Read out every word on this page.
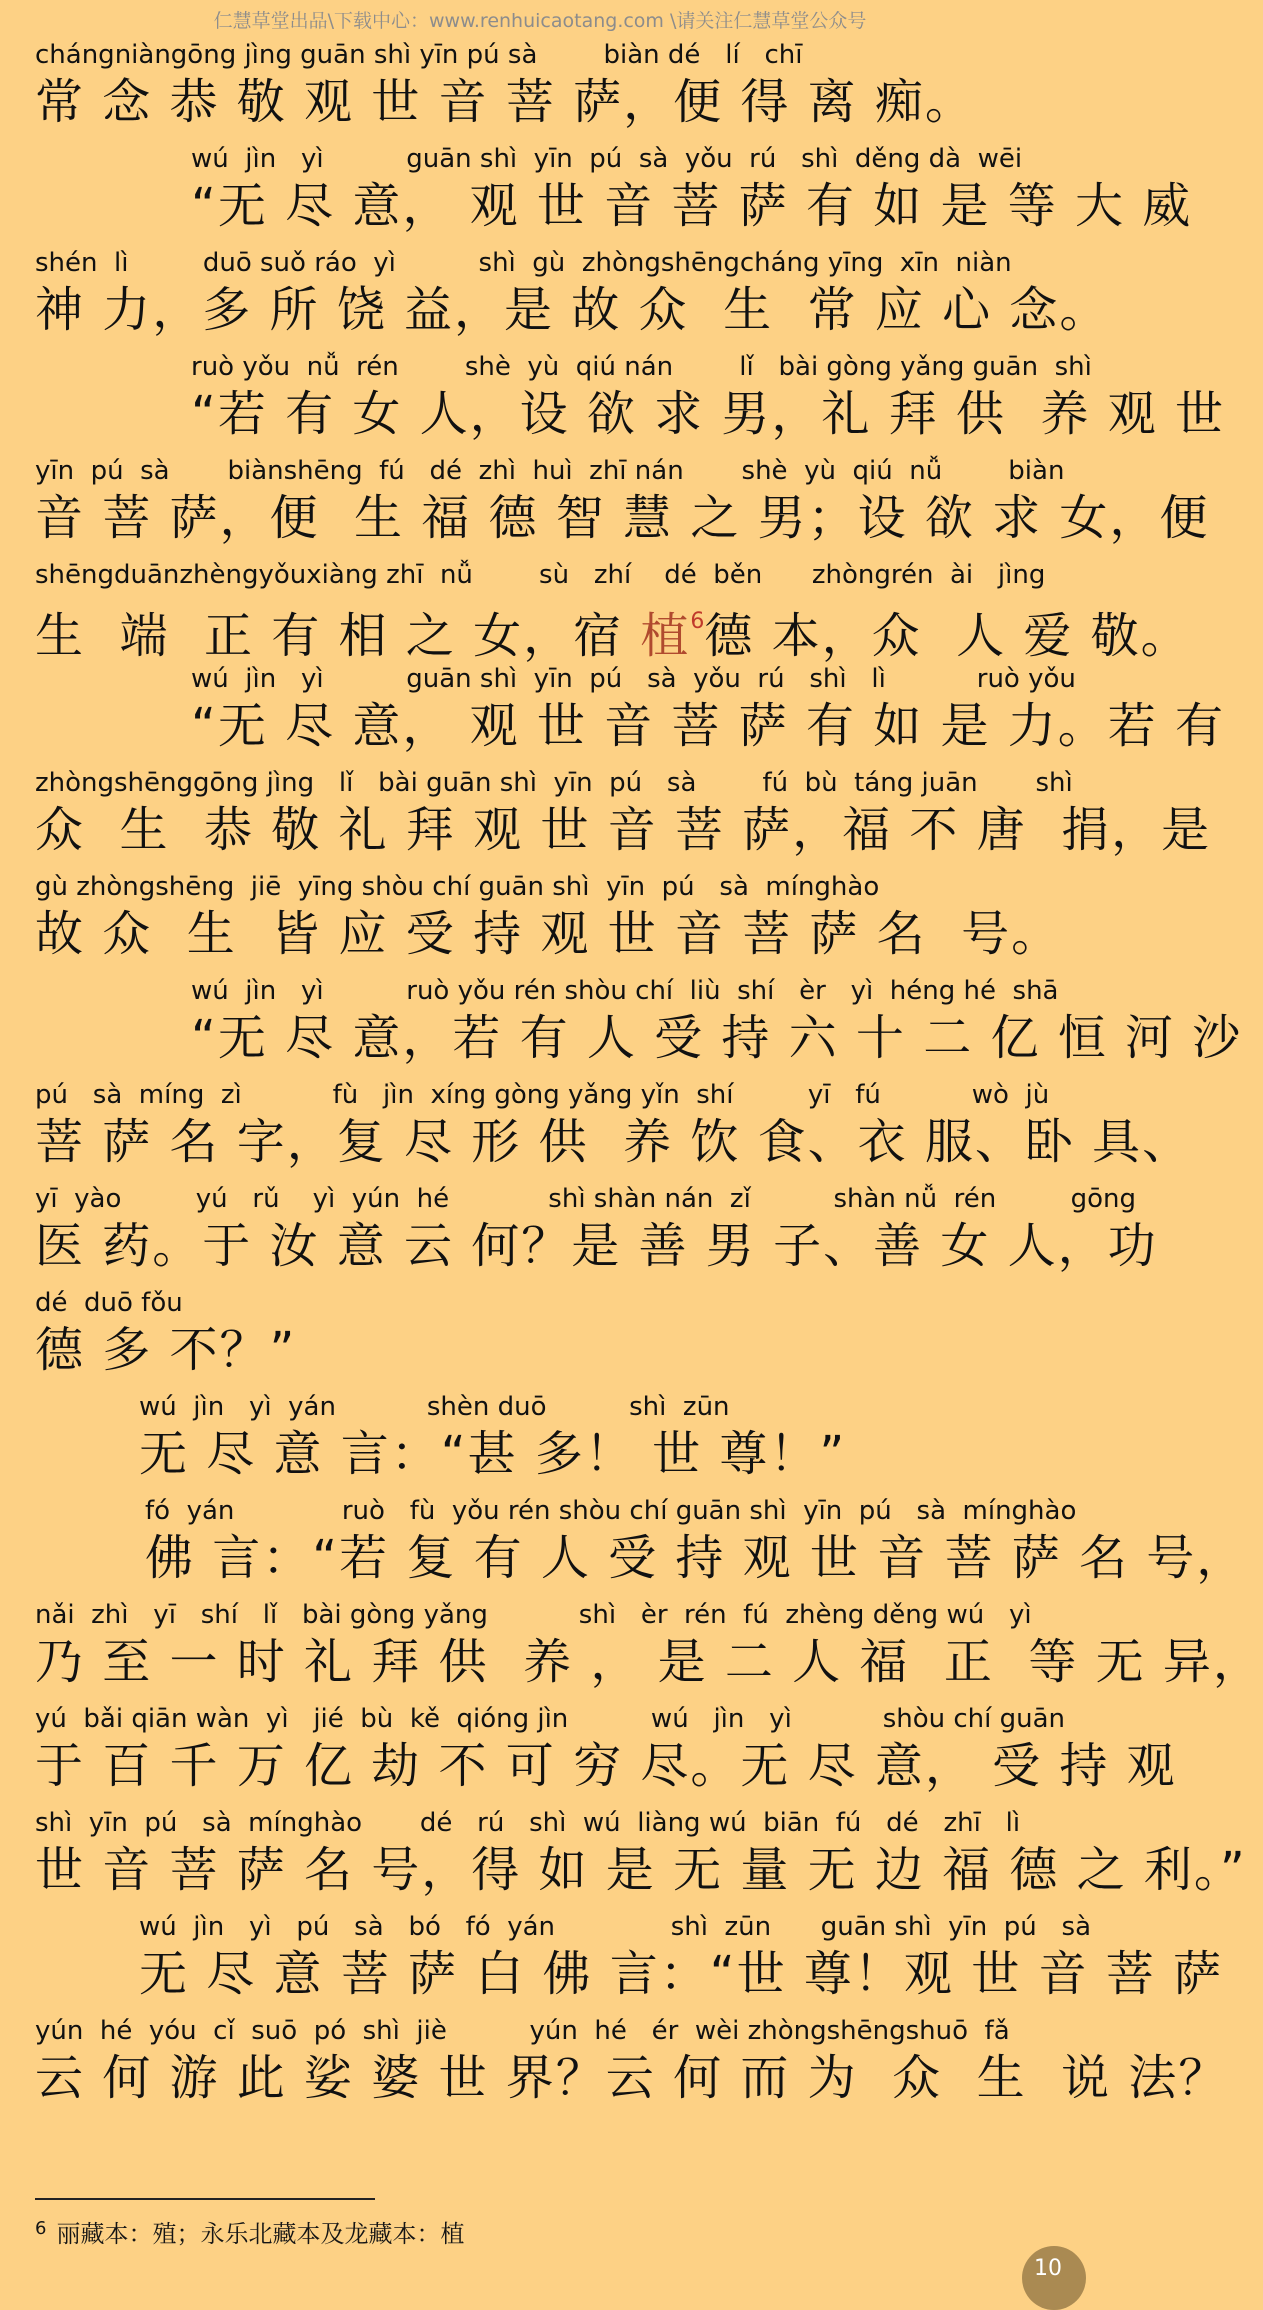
仁慧草堂出品\下载中心：www.renhuicaotang.com \请关注仁慧草堂公众号
chángniàngōng jìng guān shì yīn pú sà        biàn dé   lí   chī
常 念 恭 敬 观 世 音 菩 萨，便 得 离 痴。
wú  jìn   yì          guān shì  yīn  pú  sà  yǒu  rú   shì  děng dà  wēi
“无 尽 意， 观 世 音 菩 萨 有 如 是 等 大 威
shén  lì         duō suǒ ráo  yì          shì  gù  zhòngshēngcháng yīng  xīn  niàn
神 力，多 所 饶 益，是 故 众  生  常 应 心 念。
ruò yǒu  nǚ  rén        shè  yù  qiú nán        lǐ   bài gòng yǎng guān  shì
“若 有 女 人，设 欲 求 男，礼 拜 供  养 观 世
yīn  pú  sà       biànshēng  fú   dé  zhì  huì  zhī nán       shè  yù  qiú  nǚ        biàn
音 菩 萨，便  生 福 德 智 慧 之 男；设 欲 求 女，便
shēngduānzhèngyǒuxiàng zhī  nǚ        sù   zhí    dé  běn      zhòngrén  ài   jìng
生  端  正 有 相 之 女，宿 植$^6$德 本，众  人 爱 敬。
wú  jìn   yì          guān shì  yīn  pú   sà  yǒu  rú   shì   lì           ruò yǒu
“无 尽 意， 观 世 音 菩 萨 有 如 是 力。若 有
zhòngshēnggōng jìng   lǐ   bài guān shì  yīn  pú   sà        fú  bù  táng juān       shì
众  生  恭 敬 礼 拜 观 世 音 菩 萨，福 不 唐  捐，是
gù zhòngshēng  jiē  yīng shòu chí guān shì  yīn  pú   sà  mínghào
故 众  生  皆 应 受 持 观 世 音 菩 萨 名  号。
wú  jìn   yì          ruò yǒu rén shòu chí  liù  shí   èr   yì  héng hé  shā
“无 尽 意，若 有 人 受 持 六 十 二 亿 恒 河 沙
pú   sà  míng  zì           fù   jìn  xíng gòng yǎng yǐn  shí         yī   fú           wò  jù
菩 萨 名 字，复 尽 形 供  养 饮 食、衣 服、卧 具、
yī  yào         yú   rǔ    yì  yún  hé            shì shàn nán  zǐ          shàn nǚ  rén         gōng
医 药。于 汝 意 云 何？是 善 男 子、善 女 人，功
dé  duō fǒu
德 多 不？”
wú  jìn   yì  yán           shèn duō          shì  zūn
无 尽 意 言：“甚 多！ 世 尊！”
fó  yán             ruò   fù  yǒu rén shòu chí guān shì  yīn  pú   sà  mínghào
佛 言：“若 复 有 人 受 持 观 世 音 菩 萨 名 号，
nǎi  zhì   yī   shí   lǐ   bài gòng yǎng           shì   èr  rén  fú  zhèng děng wú   yì
乃 至 一 时 礼 拜 供  养 ， 是 二 人 福  正  等 无 异，
yú  bǎi qiān wàn  yì   jié  bù  kě  qióng jìn          wú   jìn   yì           shòu chí guān
于 百 千 万 亿 劫 不 可 穷 尽。无 尽 意， 受 持 观
shì  yīn  pú   sà  mínghào       dé   rú   shì  wú  liàng wú  biān  fú   dé   zhī   lì
世 音 菩 萨 名 号，得 如 是 无 量 无 边 福 德 之 利。”
wú  jìn   yì   pú   sà   bó   fó  yán              shì  zūn      guān shì  yīn  pú   sà
无 尽 意 菩 萨 白 佛 言：“世 尊！观 世 音 菩 萨
yún  hé  yóu  cǐ  suō  pó  shì  jiè          yún  hé   ér  wèi zhòngshēngshuō  fǎ
云 何 游 此 娑 婆 世 界？云 何 而 为  众  生  说 法？
$^6$ 丽藏本：殖；永乐北藏本及龙藏本：植
10
